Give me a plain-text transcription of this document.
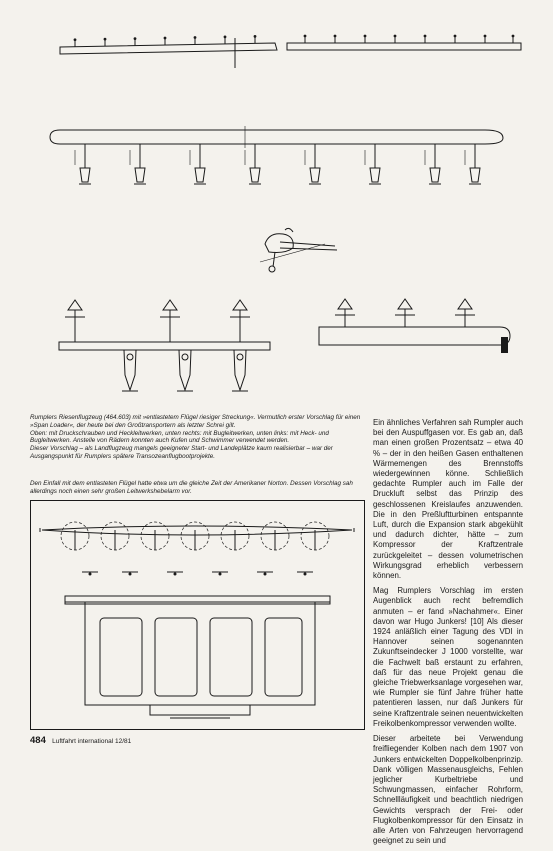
Rumplers Riesenflugzeug (464.603) mit »entlastetem Flügel riesiger Streckung«. Vermutlich erster Vorschlag für einen »Span Loader«, der heute bei den Großtransportern als letzter Schrei gilt.

Oben: mit Druckschrauben und Heckleitwerken, unten rechts: mit Bugleitwerken, unten links: mit Heck- und Bugleitwerken. Anstelle von Rädern konnten auch Kufen und Schwimmer verwendet werden.

Dieser Vorschlag – als Landflugzeug mangels geeigneter Start- und Landeplätze kaum realisierbar – war der Ausgangspunkt für Rumplers spätere Transozeanflugbootprojekte.

Den Einfall mit dem entlasteten Flügel hatte etwa um die gleiche Zeit der Amerikaner Norton. Dessen Vorschlag sah allerdings noch einen sehr großen Leitwerkshebelarm vor.

Ein ähnliches Verfahren sah Rumpler auch bei den Auspuffgasen vor. Es gab an, daß man einen großen Prozentsatz – etwa 40 % – der in den heißen Gasen enthaltenen Wärmemengen des Brennstoffs wiedergewinnen könne. Schließlich gedachte Rumpler auch im Falle der Druckluft selbst das Prinzip des geschlossenen Kreislaufes anzuwenden. Die in den Preßluftturbinen entspannte Luft, durch die Expansion stark abgekühlt und dadurch dichter, hätte – zum Kompressor der Kraftzentrale zurückgeleitet – dessen volumetrischen Wirkungsgrad erheblich verbessern können.

Mag Rumplers Vorschlag im ersten Augenblick auch recht befremdlich anmuten – er fand »Nachahmer«. Einer davon war Hugo Junkers! [10] Als dieser 1924 anläßlich einer Tagung des VDI in Hannover seinen sogenannten Zukunftseindecker J 1000 vorstellte, war die Fachwelt baß erstaunt zu erfahren, daß für das neue Projekt genau die gleiche Triebwerksanlage vorgesehen war, wie Rumpler sie fünf Jahre früher hatte patentieren lassen, nur daß Junkers für seine Kraftzentrale seinen neuentwickelten Freikolbenkompressor verwenden wollte.

Dieser arbeitete bei Verwendung freifliegender Kolben nach dem 1907 von Junkers entwickelten Doppelkolbenprinzip. Dank völligen Massenausgleichs, Fehlen jeglicher Kurbeltriebe und Schwungmassen, einfacher Rohrform, Schnellläufigkeit und beachtlich niedrigen Gewichts versprach der Frei- oder Flugkolbenkompressor für den Einsatz in alle Arten von Fahrzeugen hervorragend geeignet zu sein und

484 Luftfahrt international 12/81
